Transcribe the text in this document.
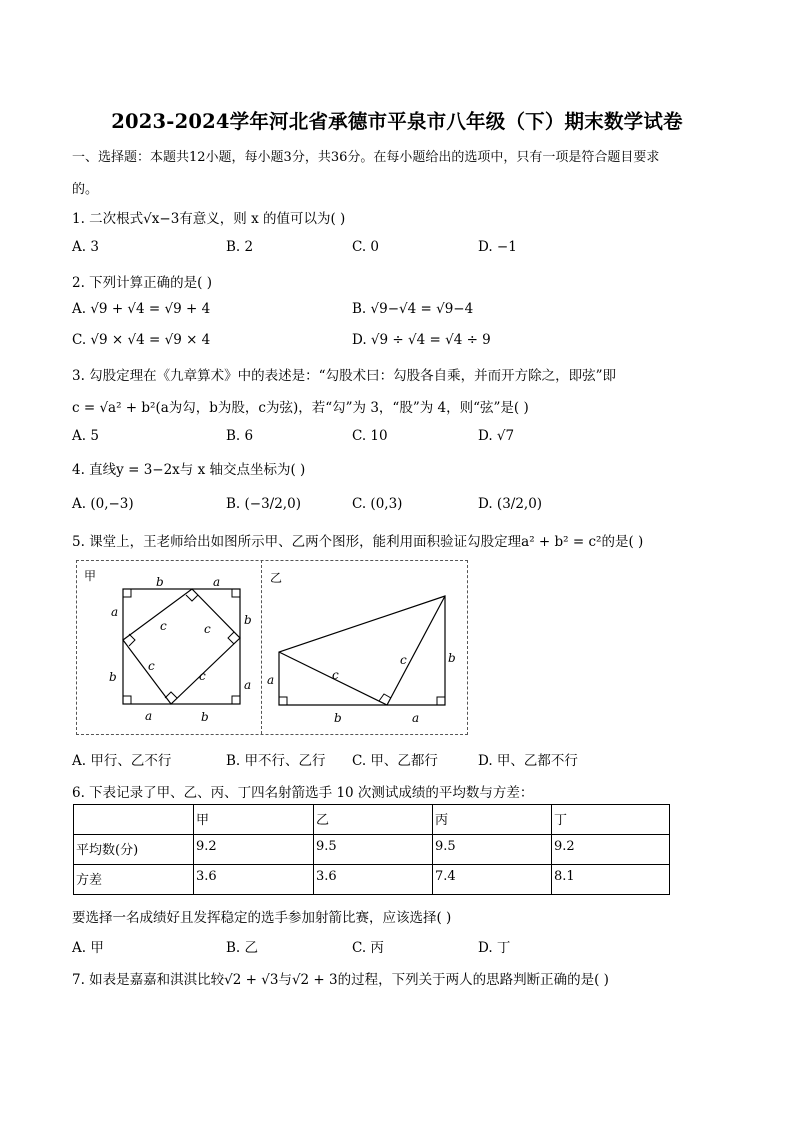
2023-2024学年河北省承德市平泉市八年级（下）期末数学试卷
一、选择题：本题共12小题，每小题3分，共36分。在每小题给出的选项中，只有一项是符合题目要求
的。
1. 二次根式√x−3有意义，则 x 的值可以为( )
A. 3	B. 2	C. 0	D. −1
2. 下列计算正确的是( )
A. √9 + √4 = √9 + 4	B. √9−√4 = √9−4
C. √9 × √4 = √9 × 4	D. √9 ÷ √4 = √4 ÷ 9
3. 勾股定理在《九章算术》中的表述是：“勾股术曰：勾股各自乘，并而开方除之，即弦”即
c = √a² + b²(a为勾，b为股，c为弦)，若“勾”为 3，“股”为 4，则“弦”是( )
A. 5	B. 6	C. 10	D. √7
4. 直线y = 3−2x与 x 轴交点坐标为( )
A. (0,−3)	B. (−3/2,0)	C. (0,3)	D. (3/2,0)
5. 课堂上，王老师给出如图所示甲、乙两个图形，能利用面积验证勾股定理a² + b² = c²的是( )
甲	b	a
a
b
b
a
a	b
c	c
c
c
乙
a
b	a
b
c
c
A. 甲行、乙不行	B. 甲不行、乙行 C. 甲、乙都行	D. 甲、乙都不行
6. 下表记录了甲、乙、丙、丁四名射箭选手 10 次测试成绩的平均数与方差：
	甲	乙	丙	丁
平均数(分)	9.2	9.5	9.5	9.2
方差	3.6	3.6	7.4	8.1
要选择一名成绩好且发挥稳定的选手参加射箭比赛，应该选择( )
A. 甲	B. 乙	C. 丙	D. 丁
7. 如表是嘉嘉和淇淇比较√2 + √3与√2 + 3的过程，下列关于两人的思路判断正确的是( )
